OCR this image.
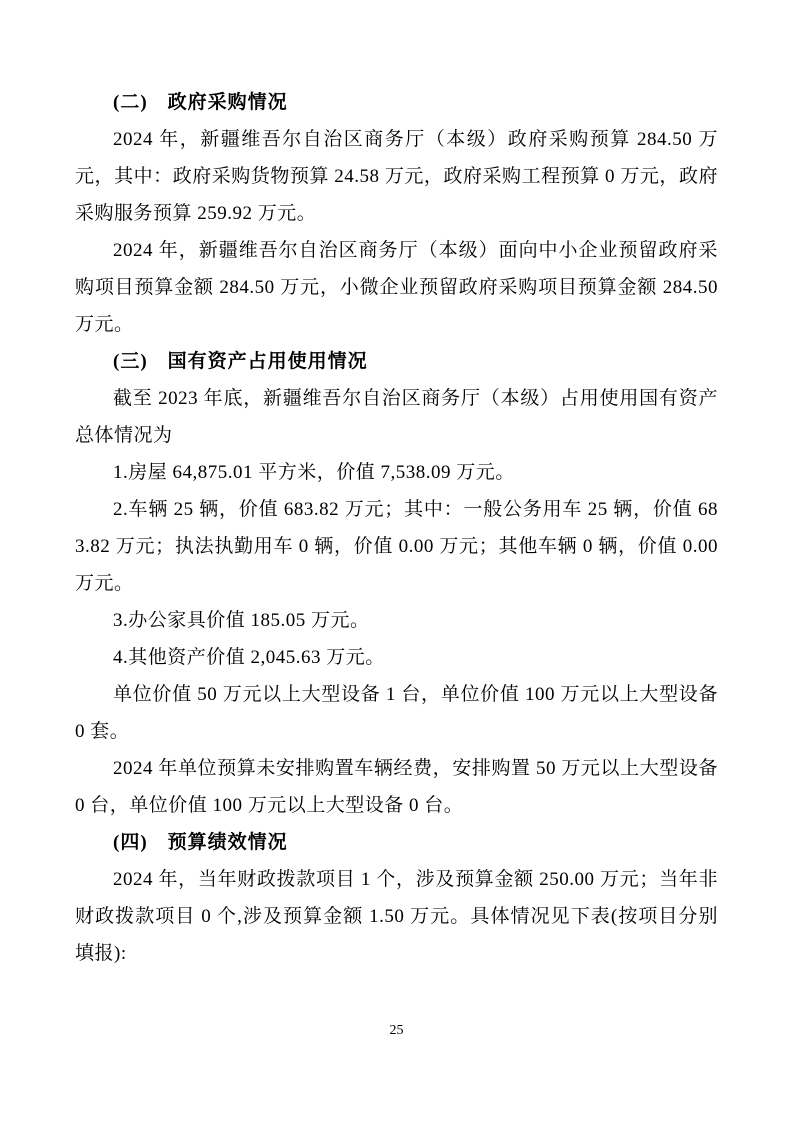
(二)　政府采购情况

2024 年，新疆维吾尔自治区商务厅（本级）政府采购预算 284.50 万元，其中：政府采购货物预算 24.58 万元，政府采购工程预算 0 万元，政府采购服务预算 259.92 万元。

2024 年，新疆维吾尔自治区商务厅（本级）面向中小企业预留政府采购项目预算金额 284.50 万元，小微企业预留政府采购项目预算金额 284.50 万元。

(三)　国有资产占用使用情况

截至 2023 年底，新疆维吾尔自治区商务厅（本级）占用使用国有资产总体情况为

1.房屋 64,875.01 平方米，价值 7,538.09 万元。

2.车辆 25 辆，价值 683.82 万元；其中：一般公务用车 25 辆，价值 683.82 万元；执法执勤用车 0 辆，价值 0.00 万元；其他车辆 0 辆，价值 0.00 万元。

3.办公家具价值 185.05 万元。

4.其他资产价值 2,045.63 万元。

单位价值 50 万元以上大型设备 1 台，单位价值 100 万元以上大型设备 0 套。

2024 年单位预算未安排购置车辆经费，安排购置 50 万元以上大型设备 0 台，单位价值 100 万元以上大型设备 0 台。

(四)　预算绩效情况

2024 年，当年财政拨款项目 1 个，涉及预算金额 250.00 万元；当年非财政拨款项目 0 个,涉及预算金额 1.50 万元。具体情况见下表(按项目分别填报):

25
